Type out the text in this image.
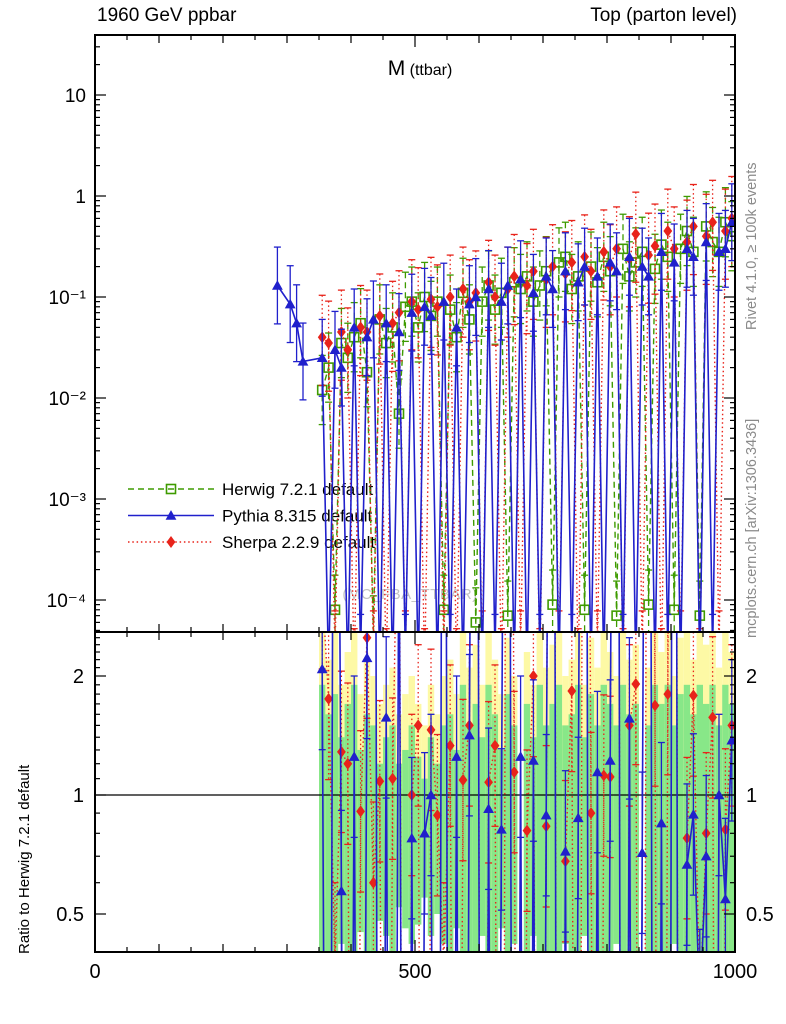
(MC_FBA_TTBAR)
Herwig 7.2.1 default
Pythia 8.315 default
Sherpa 2.2.9 default
10
1
10⁻¹
10⁻²
10⁻³
10⁻⁴
2	2
1	1
0.5	0.5
0	500	1000
1960 GeV ppbar	Top (parton level)
M (ttbar)
Rivet 4.1.0, ≥ 100k events
mcplots.cern.ch [arXiv:1306.3436]
Ratio to Herwig 7.2.1 default
